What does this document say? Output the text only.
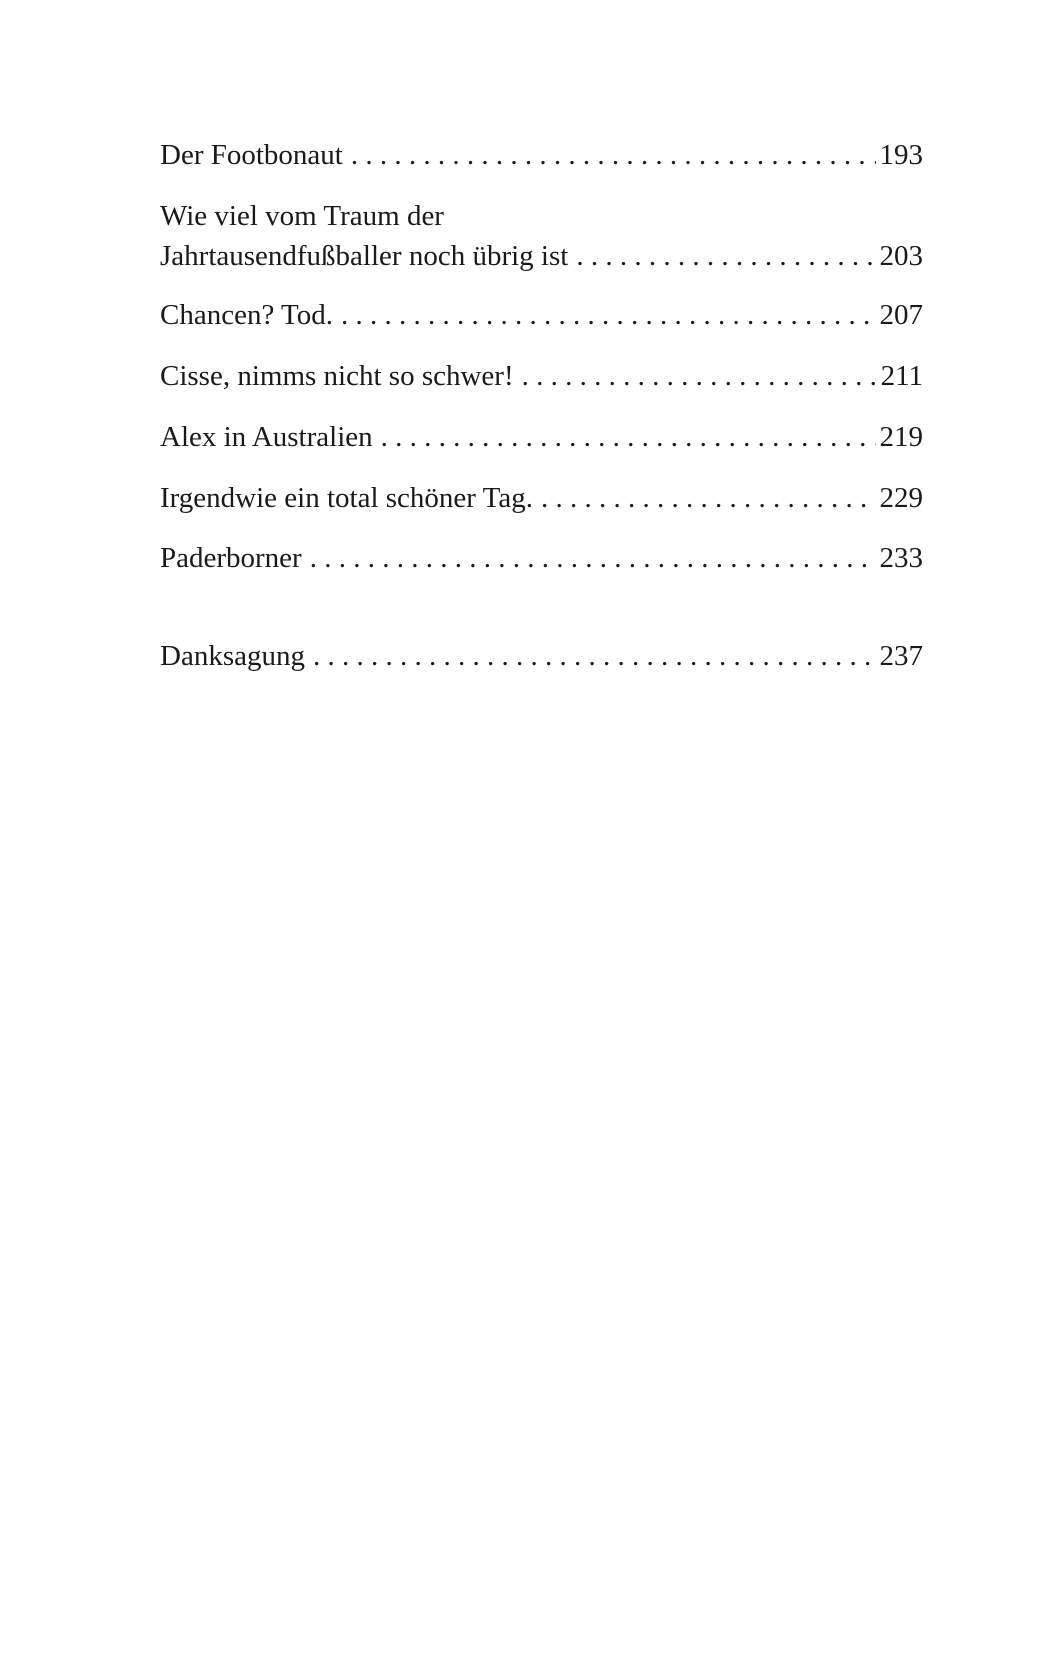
Der Footbonaut . . .	193
Wie viel vom Traum der
Jahrtausendfußballer noch übrig ist . . .	203
Chancen? Tod. . . .	207
Cisse, nimms nicht so schwer! . . .	211
Alex in Australien . . .	219
Irgendwie ein total schöner Tag. . . .	229
Paderborner . . .	233
Danksagung . . .	237
